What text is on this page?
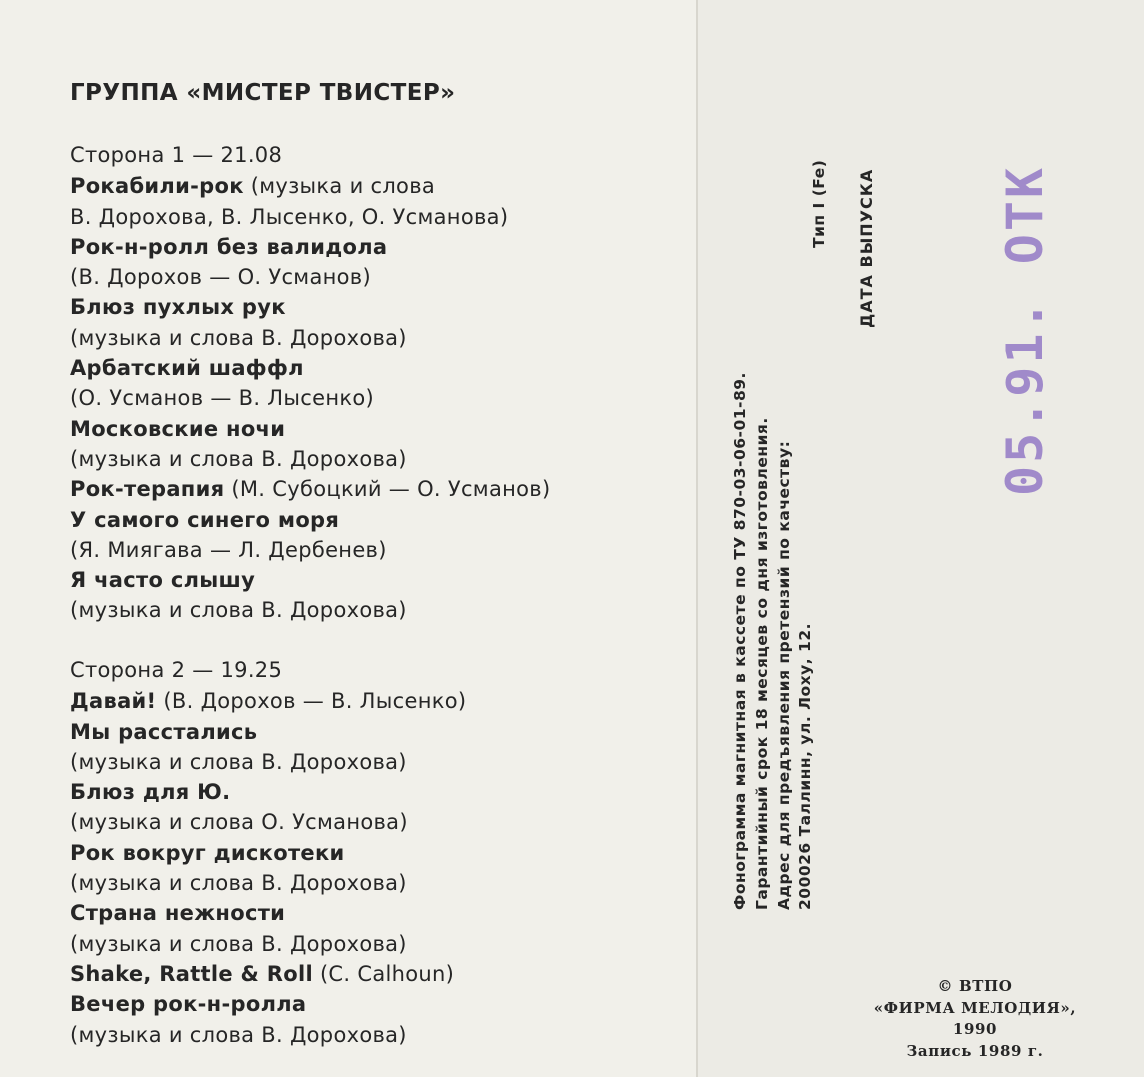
ГРУППА «МИСТЕР ТВИСТЕР»
Сторона 1 — 21.08
Рокабили-рок (музыка и слова
В. Дорохова, В. Лысенко, О. Усманова)
Рок-н-ролл без валидола
(В. Дорохов — О. Усманов)
Блюз пухлых рук
(музыка и слова В. Дорохова)
Арбатский шаффл
(О. Усманов — В. Лысенко)
Московские ночи
(музыка и слова В. Дорохова)
Рок-терапия (М. Субоцкий — О. Усманов)
У самого синего моря
(Я. Миягава — Л. Дербенев)
Я часто слышу
(музыка и слова В. Дорохова)
Сторона 2 — 19.25
Давай! (В. Дорохов — В. Лысенко)
Мы расстались
(музыка и слова В. Дорохова)
Блюз для Ю.
(музыка и слова О. Усманова)
Рок вокруг дискотеки
(музыка и слова В. Дорохова)
Страна нежности
(музыка и слова В. Дорохова)
Shake, Rattle & Roll (C. Calhoun)
Вечер рок-н-ролла
(музыка и слова В. Дорохова)
Фонограмма магнитная в кассете по ТУ 870-03-06-01-89. Гарантийный срок 18 месяцев со дня изготовления. Адрес для предъявления претензий по качеству: 200026 Таллинн, ул. Лоху, 12.
Тип I (Fe) ДАТА ВЫПУСКА 05.91. ОТК
© ВТПО
«ФИРМА МЕЛОДИЯ»,
1990
Запись 1989 г.
